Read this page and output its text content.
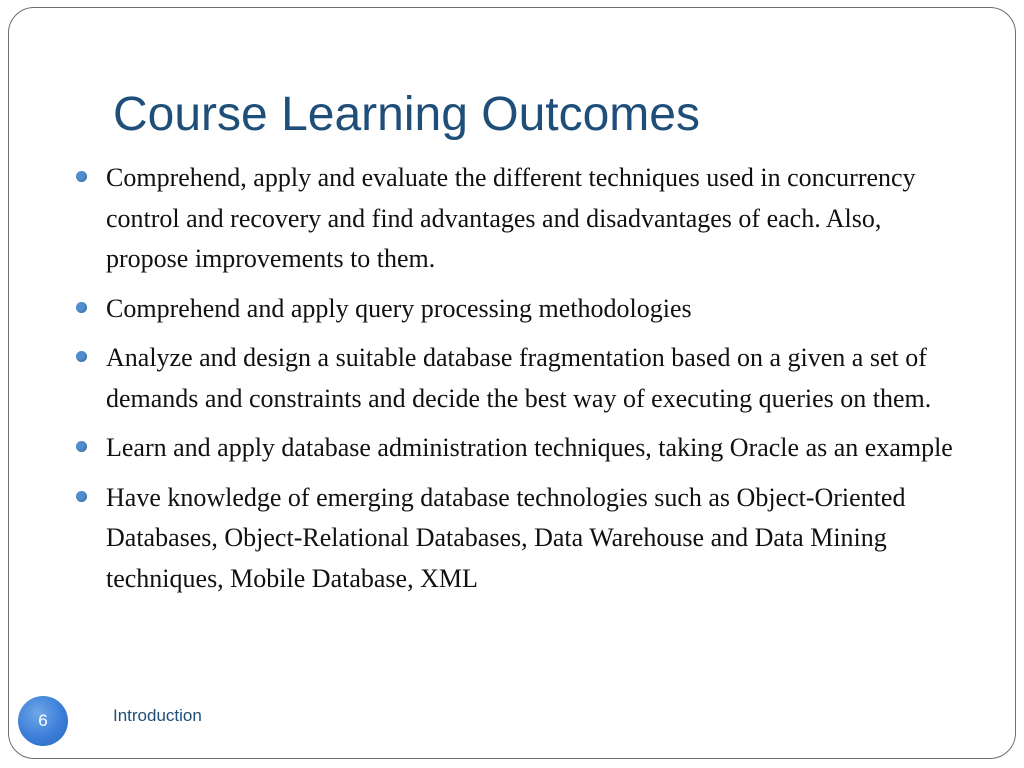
Course Learning Outcomes
Comprehend, apply and evaluate the different techniques used in concurrency control and recovery and find advantages and disadvantages of each. Also, propose improvements to them.
Comprehend and apply query processing methodologies
Analyze and design a suitable database fragmentation based on a given a set of demands and constraints and decide the best way of executing queries on them.
Learn and apply database administration techniques, taking Oracle as an example
Have knowledge of emerging database technologies such as Object-Oriented Databases, Object-Relational Databases, Data Warehouse and Data Mining techniques, Mobile Database, XML
6	Introduction
